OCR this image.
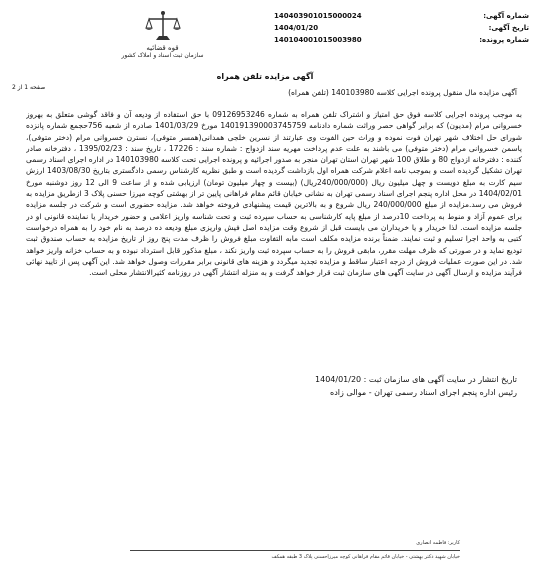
شماره آگهی:
140403901015000024
تاریخ آگهی:
1404/01/20
شماره پرونده:
140104001015003980
قوه قضائیه
سازمان ثبت اسناد و املاک کشور
صفحه 1 از 2
آگهی مزایده تلفن همراه
آگهی مزایده مال منقول پرونده اجرایی کلاسه 140103980 (تلفن همراه)
به موجب پرونده اجرایی کلاسه فوق حق امتیاز و اشتراک تلفن همراه به شماره 09126953246 با حق استفاده از ودیعه آن و فاقد گوشی متعلق به بهروز خسروانی مرام (مدیون) که برابر گواهی حصر وراثت شماره دادنامه 140191390003745759 مورخ 1401/03/29 صادره از شعبه 756حجمع شماره پانزده شورای حل اختلاف شهر تهران فوت نموده و وراث حین الفوت وی عبارتند از نسرین خلجی همدانی(همسر متوفی)، نسترن خسروانی مرام (دختر متوفی)، یاسمن خسروانی مرام (دختر متوفی) می باشند به علت عدم پرداخت مهریه سند ازدواج : شماره سند : 17226 ، تاریخ سند : 1395/02/23 ، دفترخانه صادر کننده : دفترخانه ازدواج 80 و طلاق 100 شهر تهران استان تهران منجر به صدور اجرائیه و پرونده اجرایی تحت کلاسه 140103980 در اداره اجرای اسناد رسمی تهران تشکیل گردیده است و بموجب نامه اعلام شرکت همراه اول بازداشت گردیده است و طبق نظریه کارشناس رسمی دادگستری بتاریخ 1403/08/30 ارزش سیم کارت به مبلغ دویست و چهل میلیون ریال (240/000/000ریال) (بیست و چهار میلیون تومان) ارزیابی شده و از ساعت 9 الی 12 روز دوشنبه مورخ 1404/02/01 در محل اداره پنجم اجرای اسناد رسمی تهران به نشانی خیابان قائم مقام فراهانی پایین تر از بهشتی کوچه میرزا حسنی پلاک 3 ازطریق مزایده به فروش می رسد.مزایده از مبلغ 240/000/000 ریال شروع و به بالاترین قیمت پیشنهادی فروخته خواهد شد. مزایده حضوری است و شرکت در جلسه مزایده برای عموم آزاد و منوط به پرداخت 10درصد از مبلغ پایه کارشناسی به حساب سپرده ثبت و تحت شناسه واریز اعلامی و حضور خریدار یا نماینده قانونی او در جلسه مزایده است. لذا خریدار و یا خریداران می بایست قبل از شروع وقت مزایده اصل فیش واریزی مبلغ ودیعه ده درصد به نام خود را به همراه درخواست کتبی به واحد اجرا تسلیم و ثبت نمایند. ضمناً برنده مزایده مکلف است مابه التفاوت مبلغ فروش را ظرف مدت پنج روز از تاریخ مزایده به حساب صندوق ثبت تودیع نماید و در صورتی که ظرف مهلت مقرر، مابقی فروش را به حساب سپرده ثبت واریز نکند ، مبلغ مذکور قابل استرداد نبوده و به حساب خزانه واریز خواهد شد. در این صورت عملیات فروش از درجه اعتبار ساقط و مزایده تجدید میگردد و هزینه های قانونی برابر مقررات وصول خواهد شد. این آگهی پس از تایید نهائی فرآیند مزایده و ارسال آگهی در سایت آگهی های سازمان ثبت قرار خواهد گرفت و به منزله انتشار آگهی در روزنامه کثیرالانتشار محلی است.
تاریخ انتشار در سایت آگهی های سازمان ثبت : 1404/01/20
رئیس اداره پنجم اجرای اسناد رسمی تهران - موالی زاده
کاربر: فاطمه انصاری
خیابان شهید دکتر بهشتی - خیابان قائم مقام فراهانی کوچه میرزاحسنی پلاک 3 طبقه همکف
